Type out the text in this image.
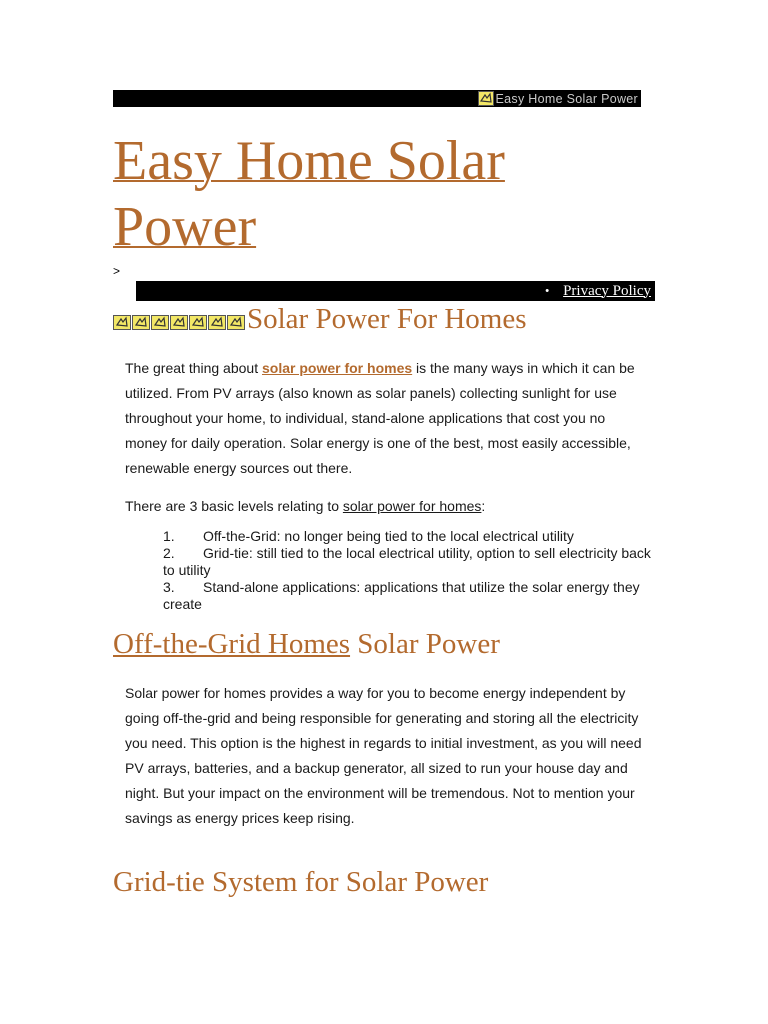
Easy Home Solar Power
Easy Home Solar
Power
>
• Privacy Policy
Solar Power For Homes

The great thing about solar power for homes is the many ways in which it can be utilized. From PV arrays (also known as solar panels) collecting sunlight for use throughout your home, to individual, stand-alone applications that cost you no money for daily operation. Solar energy is one of the best, most easily accessible, renewable energy sources out there.

There are 3 basic levels relating to solar power for homes:

1. Off-the-Grid: no longer being tied to the local electrical utility
2. Grid-tie: still tied to the local electrical utility, option to sell electricity back to utility
3. Stand-alone applications: applications that utilize the solar energy they create
Off-the-Grid Homes Solar Power

Solar power for homes provides a way for you to become energy independent by going off-the-grid and being responsible for generating and storing all the electricity you need. This option is the highest in regards to initial investment, as you will need PV arrays, batteries, and a backup generator, all sized to run your house day and night. But your impact on the environment will be tremendous. Not to mention your savings as energy prices keep rising.

Grid-tie System for Solar Power
